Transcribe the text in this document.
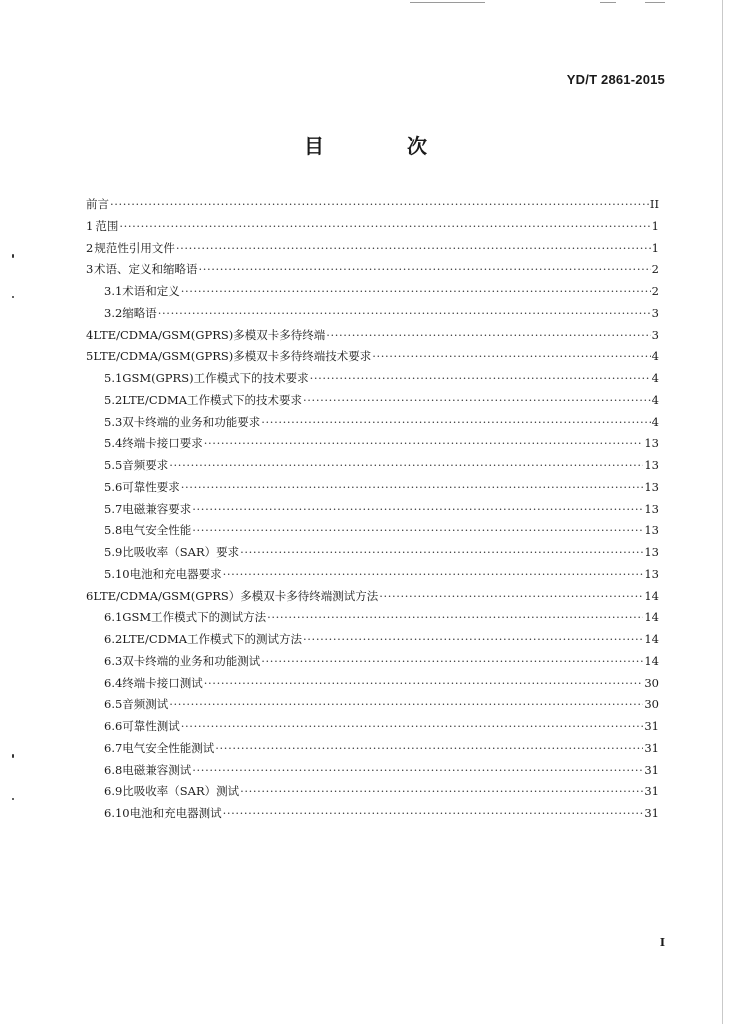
YD/T 2861-2015
目 次
前 言 ·····	II
1 范围 ·····	1
2 规范性引用文件 ·····	1
3 术语、定义和缩略语 ·····	2
3.1 术语和定义 ·····	2
3.2 缩略语 ·····	3
4 LTE/CDMA/GSM(GPRS)多模双卡多待终端 ·····	3
5 LTE/CDMA/GSM(GPRS)多模双卡多待终端技术要求 ·····	4
5.1 GSM(GPRS)工作模式下的技术要求 ·····	4
5.2 LTE/CDMA工作模式下的技术要求 ·····	4
5.3 双卡终端的业务和功能要求 ·····	4
5.4 终端卡接口要求 ·····	13
5.5 音频要求 ·····	13
5.6 可靠性要求 ·····	13
5.7 电磁兼容要求 ·····	13
5.8 电气安全性能 ·····	13
5.9 比吸收率（SAR）要求 ·····	13
5.10 电池和充电器要求 ·····	13
6 LTE/CDMA/GSM(GPRS）多模双卡多待终端测试方法 ·····	14
6.1 GSM工作模式下的测试方法 ·····	14
6.2 LTE/CDMA工作模式下的测试方法 ·····	14
6.3 双卡终端的业务和功能测试 ·····	14
6.4 终端卡接口测试 ·····	30
6.5 音频测试 ·····	30
6.6 可靠性测试 ·····	31
6.7 电气安全性能测试 ·····	31
6.8 电磁兼容测试 ·····	31
6.9 比吸收率（SAR）测试 ·····	31
6.10 电池和充电器测试 ·····	31
I
